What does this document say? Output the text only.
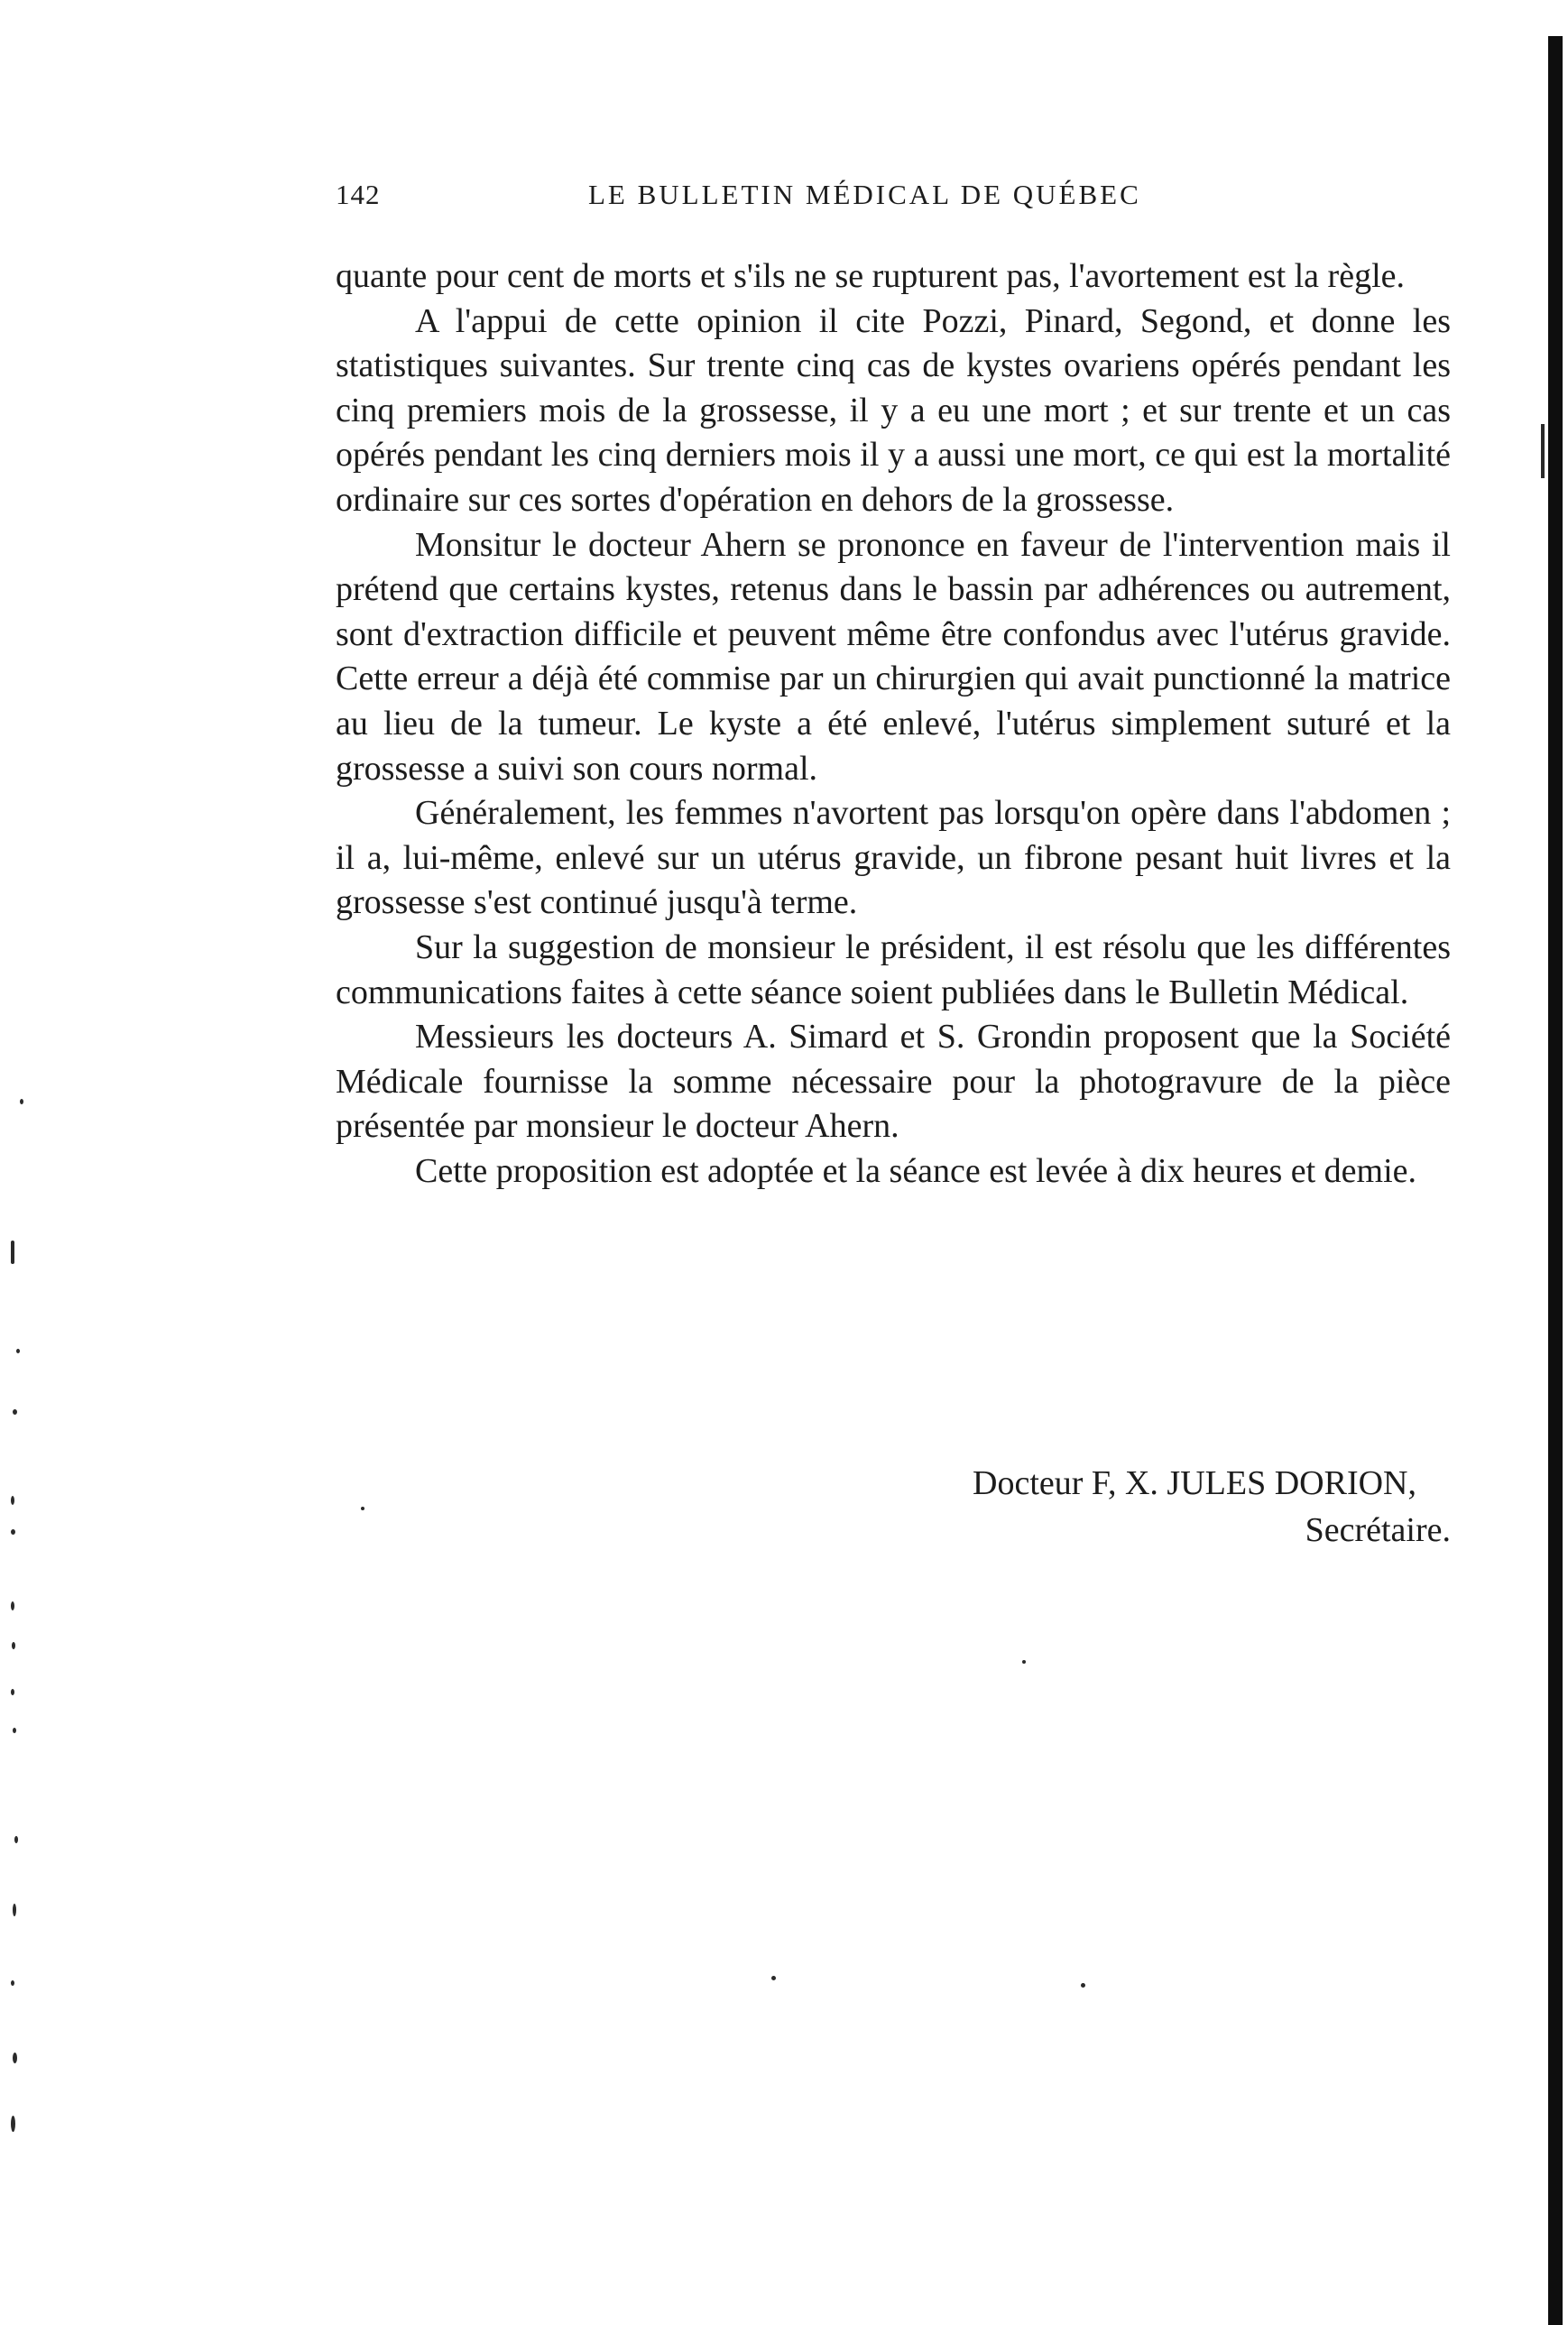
142	LE BULLETIN MÉDICAL DE QUÉBEC

quante pour cent de morts et s'ils ne se rupturent pas, l'avortement est la règle.

A l'appui de cette opinion il cite Pozzi, Pinard, Segond, et donne les statistiques suivantes. Sur trente cinq cas de kystes ovariens opérés pendant les cinq premiers mois de la grossesse, il y a eu une mort ; et sur trente et un cas opérés pendant les cinq derniers mois il y a aussi une mort, ce qui est la mortalité ordinaire sur ces sortes d'opération en dehors de la grossesse.

Monsitur le docteur Ahern se prononce en faveur de l'intervention mais il prétend que certains kystes, retenus dans le bassin par adhérences ou autrement, sont d'extraction difficile et peuvent même être confondus avec l'utérus gravide. Cette erreur a déjà été commise par un chirurgien qui avait punctionné la matrice au lieu de la tumeur. Le kyste a été enlevé, l'utérus simplement suturé et la grossesse a suivi son cours normal.

Généralement, les femmes n'avortent pas lorsqu'on opère dans l'abdomen ; il a, lui-même, enlevé sur un utérus gravide, un fibrone pesant huit livres et la grossesse s'est continué jusqu'à terme.

Sur la suggestion de monsieur le président, il est résolu que les différentes communications faites à cette séance soient publiées dans le Bulletin Médical.

Messieurs les docteurs A. Simard et S. Grondin proposent que la Société Médicale fournisse la somme nécessaire pour la photogravure de la pièce présentée par monsieur le docteur Ahern.

Cette proposition est adoptée et la séance est levée à dix heures et demie.

Docteur F, X. JULES DORION,
Secrétaire.
